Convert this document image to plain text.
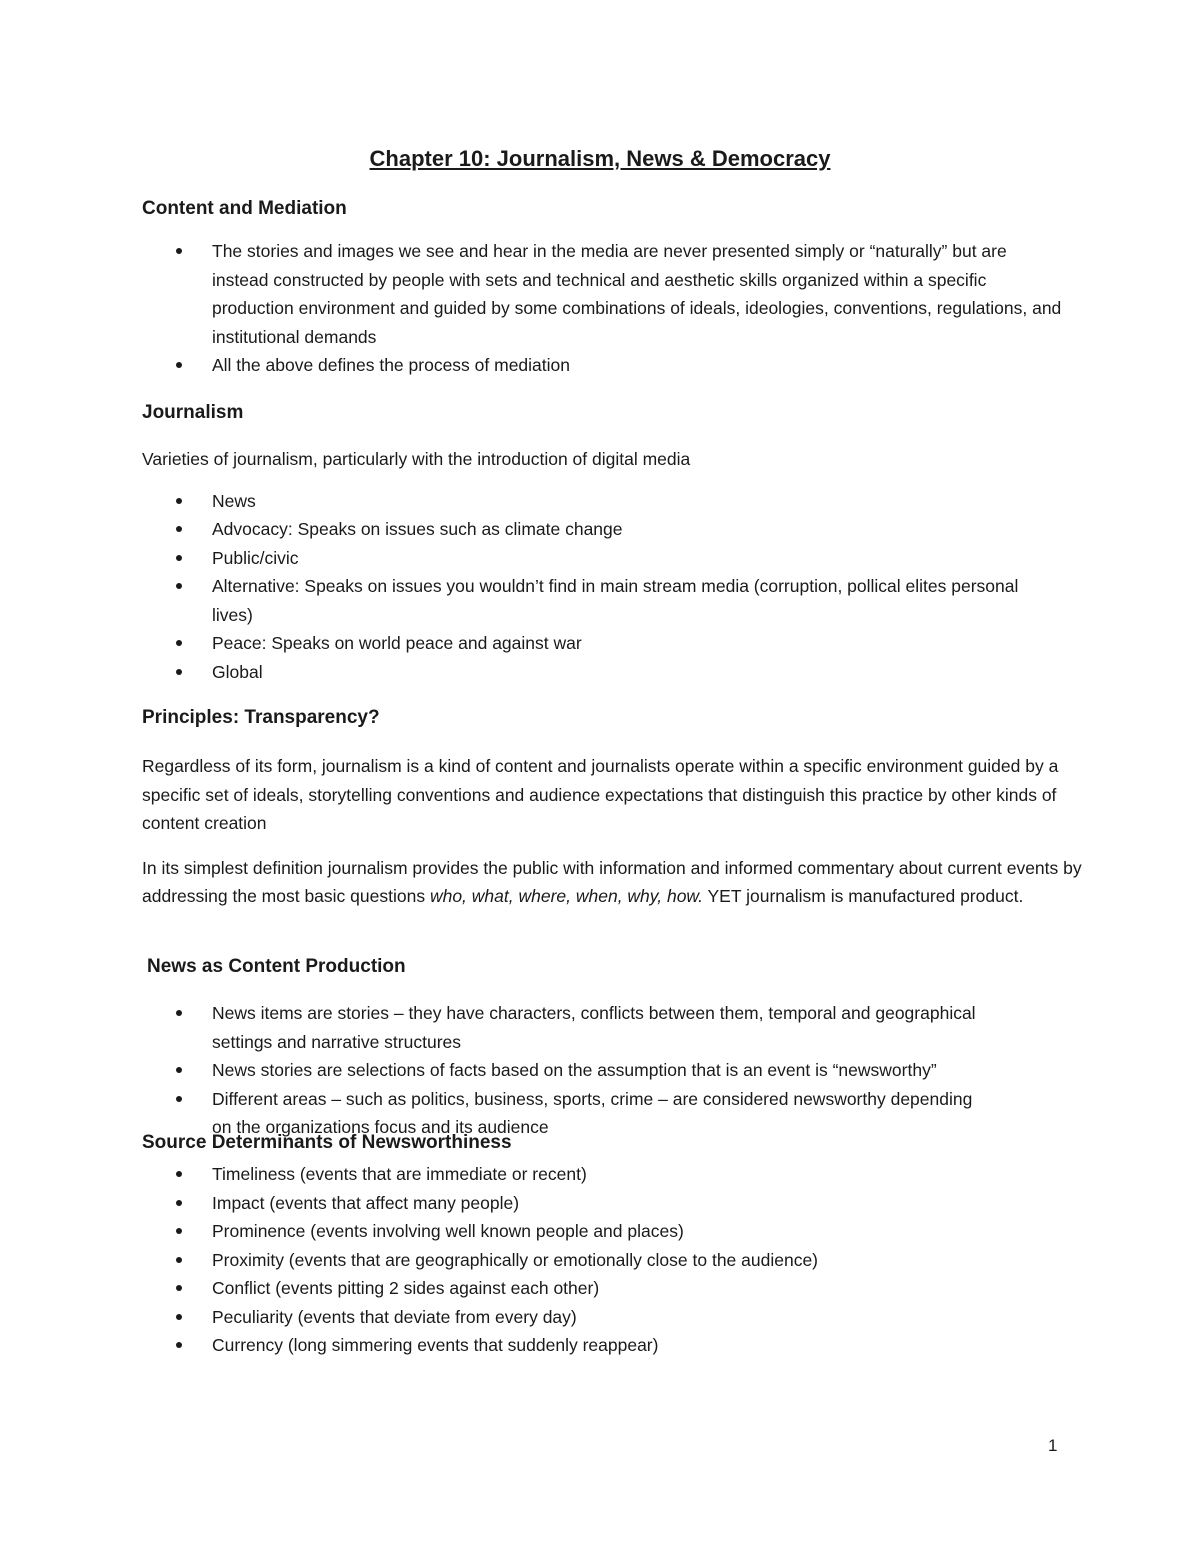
Chapter 10: Journalism, News & Democracy
Content and Mediation
The stories and images we see and hear in the media are never presented simply or “naturally” but are instead constructed by people with sets and technical and aesthetic skills organized within a specific production environment and guided by some combinations of ideals, ideologies, conventions, regulations, and institutional demands
All the above defines the process of mediation
Journalism

Varieties of journalism, particularly with the introduction of digital media

News
Advocacy: Speaks on issues such as climate change
Public/civic
Alternative: Speaks on issues you wouldn’t find in main stream media (corruption, pollical elites personal lives)
Peace: Speaks on world peace and against war
Global
Principles: Transparency?

Regardless of its form, journalism is a kind of content and journalists operate within a specific environment guided by a specific set of ideals, storytelling conventions and audience expectations that distinguish this practice by other kinds of content creation

In its simplest definition journalism provides the public with information and informed commentary about current events by addressing the most basic questions who, what, where, when, why, how. YET journalism is manufactured product.

News as Content Production
News items are stories – they have characters, conflicts between them, temporal and geographical settings and narrative structures
News stories are selections of facts based on the assumption that is an event is “newsworthy”
Different areas – such as politics, business, sports, crime – are considered newsworthy depending on the organizations focus and its audience
Source Determinants of Newsworthiness
Timeliness (events that are immediate or recent)
Impact (events that affect many people)
Prominence (events involving well known people and places)
Proximity (events that are geographically or emotionally close to the audience)
Conflict (events pitting 2 sides against each other)
Peculiarity (events that deviate from every day)
Currency (long simmering events that suddenly reappear)
1
